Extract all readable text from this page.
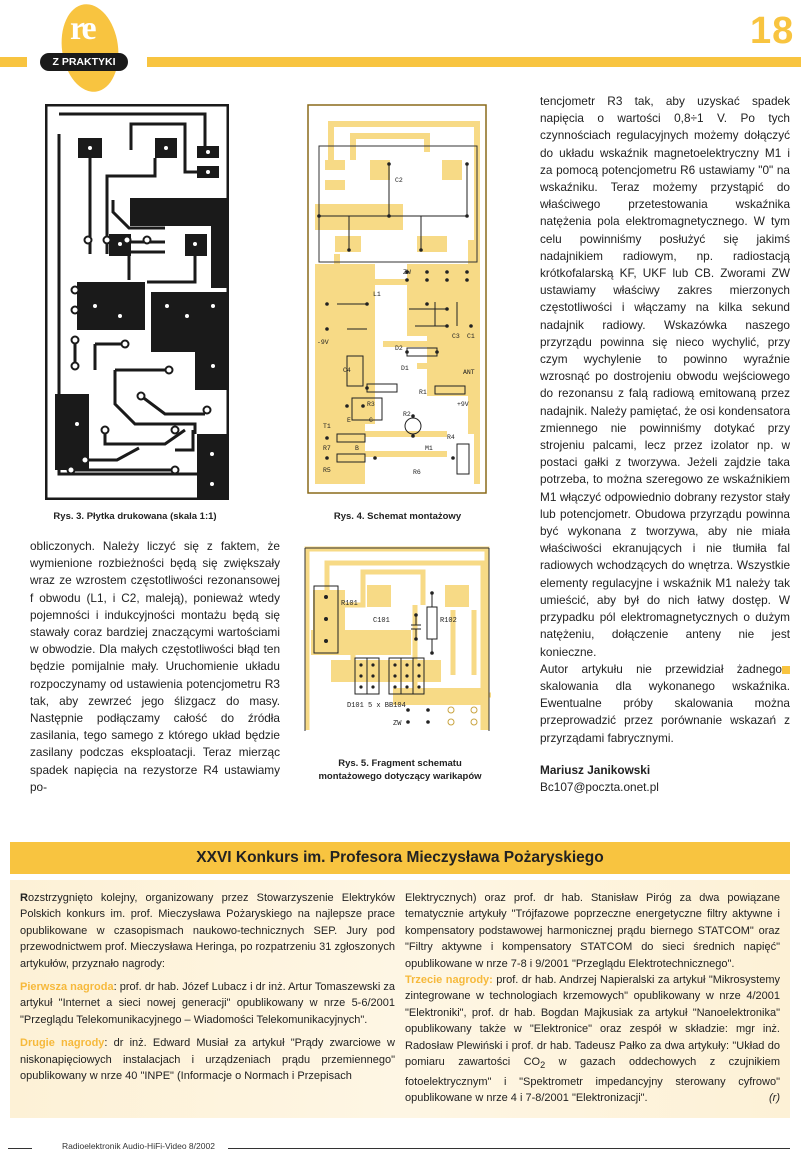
re
Z PRAKTYKI
18
Rys. 3. Płytka drukowana (skala 1:1)
C2
L1
C3 C1
-9V
D2
C4	D1
ANT
R1
R3	+9V
R2
E	C
T1
R4
R7	B	M1
R5	R6
ZW
Rys. 4. Schemat montażowy
R101
C101	R102
D101 5 x BB104
ZW
Rys. 5. Fragment schematu
montażowego dotyczący warikapów
obliczonych. Należy liczyć się z faktem, że wymienione rozbieżności będą się zwiększały wraz ze wzrostem częstotliwości rezonansowej f obwodu (L1, i C2, maleją), ponieważ wtedy pojemności i indukcyjności montażu będą się stawały coraz bardziej znaczącymi wartościami w obwodzie. Dla małych częstotliwości błąd ten będzie pomijalnie mały. Uruchomienie układu rozpoczynamy od ustawienia potencjometru R3 tak, aby zewrzeć jego ślizgacz do masy. Następnie podłączamy całość do źródła zasilania, tego samego z którego układ będzie zasilany podczas eksploatacji. Teraz mierząc spadek napięcia na rezystorze R4 ustawiamy po-
tencjometr R3 tak, aby uzyskać spadek napięcia o wartości 0,8÷1 V. Po tych czynnościach regulacyjnych możemy dołączyć do układu wskaźnik magnetoelektryczny M1 i za pomocą potencjometru R6 ustawiamy "0" na wskaźniku. Teraz możemy przystąpić do właściwego przetestowania wskaźnika natężenia pola elektromagnetycznego. W tym celu powinniśmy posłużyć się jakimś nadajnikiem radiowym, np. radiostacją krótkofalarską KF, UKF lub CB. Zworami ZW ustawiamy właściwy zakres mierzonych częstotliwości i włączamy na kilka sekund nadajnik radiowy. Wskazówka naszego przyrządu powinna się nieco wychylić, przy czym wychylenie to powinno wyraźnie wzrosnąć po dostrojeniu obwodu wejściowego do rezonansu z falą radiową emitowaną przez nadajnik. Należy pamiętać, że osi kondensatora zmiennego nie powinniśmy dotykać przy strojeniu palcami, lecz przez izolator np. w postaci gałki z tworzywa. Jeżeli zajdzie taka potrzeba, to można szeregowo ze wskaźnikiem M1 włączyć odpowiednio dobrany rezystor stały lub potencjometr. Obudowa przyrządu powinna być wykonana z tworzywa, aby nie miała właściwości ekranujących i nie tłumiła fal radiowych wchodzących do wnętrza. Wszystkie elementy regulacyjne i wskaźnik M1 należy tak umieścić, aby był do nich łatwy dostęp. W przypadku pól elektromagnetycznych o dużym natężeniu, dołączenie anteny nie jest konieczne.
Autor artykułu nie przewidział żadnego skalowania dla wykonanego wskaźnika. Ewentualne próby skalowania można przeprowadzić przez porównanie wskazań z przyrządami fabrycznymi.
Mariusz Janikowski
Bc107@poczta.onet.pl
XXVI Konkurs im. Profesora Mieczysława Pożaryskiego

Rozstrzygnięto kolejny, organizowany przez Stowarzyszenie Elektryków Polskich konkurs im. prof. Mieczysława Pożaryskiego na najlepsze prace opublikowane w czasopismach naukowo-technicznych SEP. Jury pod przewodnictwem prof. Mieczysława Heringa, po rozpatrzeniu 31 zgłoszonych artykułów, przyznało nagrody:

Pierwsza nagroda: prof. dr hab. Józef Lubacz i dr inż. Artur Tomaszewski za artykuł "Internet a sieci nowej generacji" opublikowany w nrze 5-6/2001 "Przeglądu Telekomunikacyjnego – Wiadomości Telekomunikacyjnych".

Drugie nagrody: dr inż. Edward Musiał za artykuł "Prądy zwarciowe w niskonapięciowych instalacjach i urządzeniach prądu przemiennego" opublikowany w nrze 40 "INPE" (Informacje o Normach i Przepisach

Elektrycznych) oraz prof. dr hab. Stanisław Piróg za dwa powiązane tematycznie artykuły "Trójfazowe poprzeczne energetyczne filtry aktywne i kompensatory podstawowej harmonicznej prądu biernego STATCOM" oraz "Filtry aktywne i kompensatory STATCOM do sieci średnich napięć" opublikowane w nrze 7-8 i 9/2001 "Przeglądu Elektrotechnicznego".
Trzecie nagrody: prof. dr hab. Andrzej Napieralski za artykuł "Mikrosystemy zintegrowane w technologiach krzemowych" opublikowany w nrze 4/2001 "Elektroniki", prof. dr hab. Bogdan Majkusiak za artykuł "Nanoelektronika" opublikowany także w "Elektronice" oraz zespół w składzie: mgr inż. Radosław Plewiński i prof. dr hab. Tadeusz Pałko za dwa artykuły: "Układ do pomiaru zawartości $CO_2$ w gazach oddechowych z czujnikiem fotoelektrycznym" i "Spektrometr impedancyjny sterowany cyfrowo" opublikowane w nrze 4 i 7-8/2001 "Elektronizacji".	(r)
Radioelektronik Audio-HiFi-Video 8/2002
